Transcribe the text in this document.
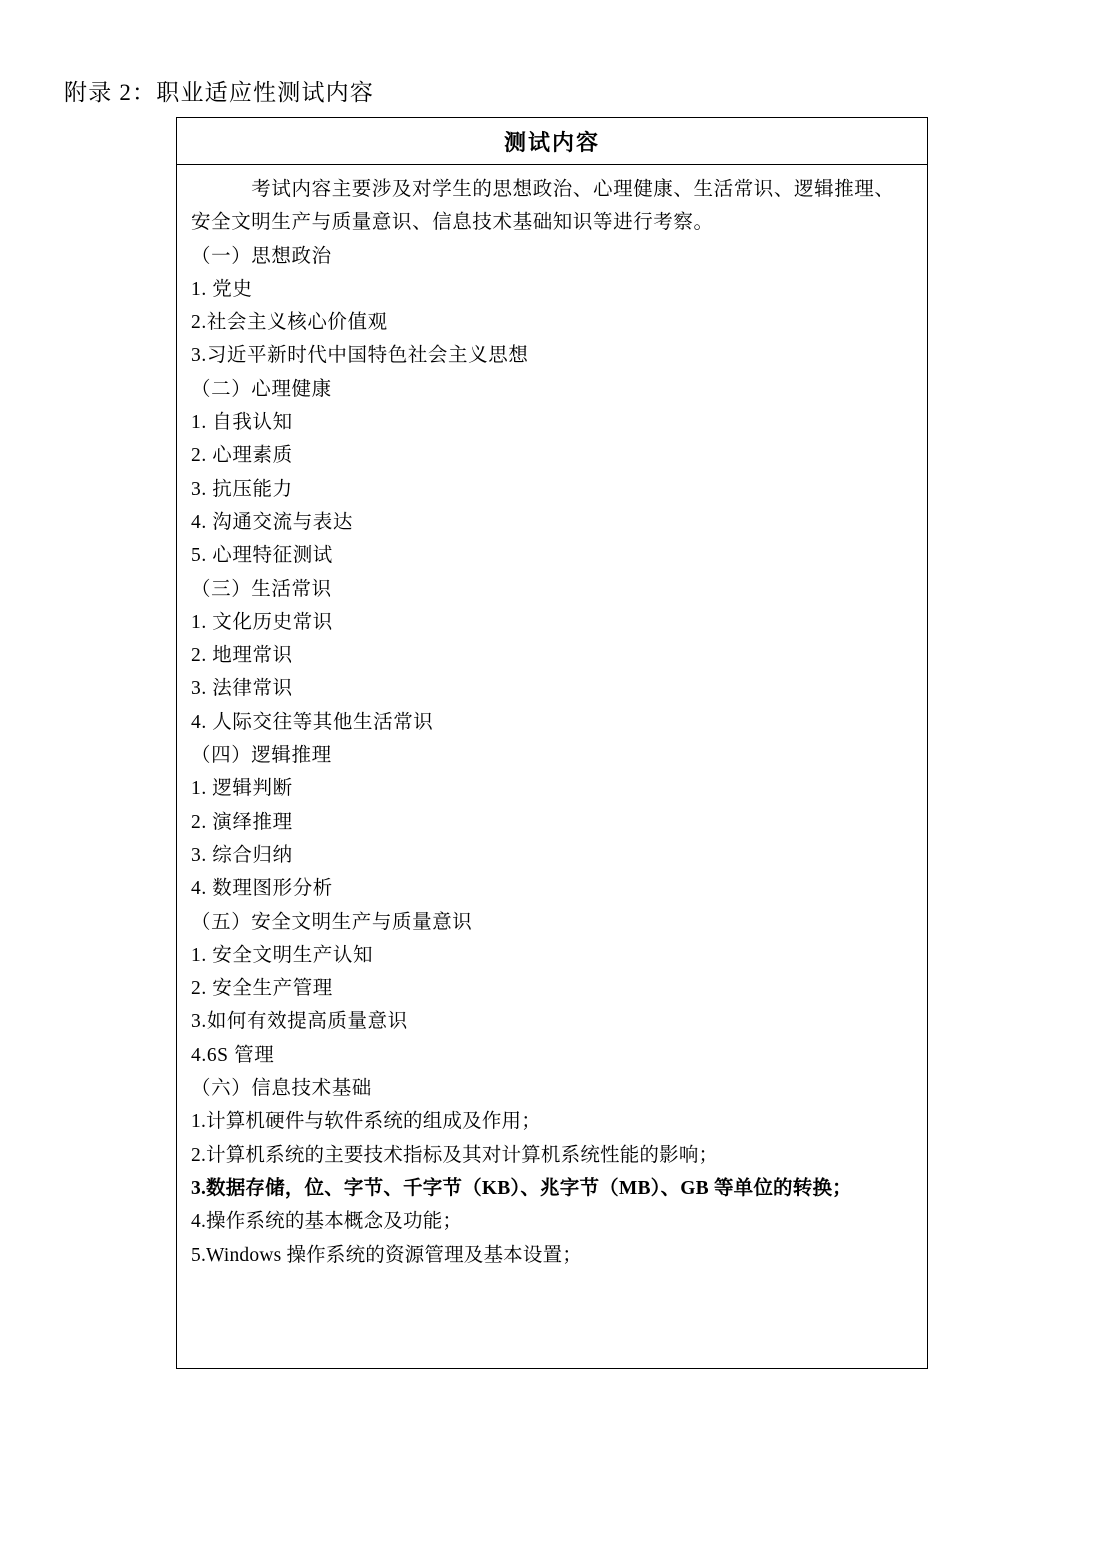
附录 2：职业适应性测试内容
测试内容
　　　考试内容主要涉及对学生的思想政治、心理健康、生活常识、逻辑推理、
安全文明生产与质量意识、信息技术基础知识等进行考察。
（一）思想政治
1. 党史
2.社会主义核心价值观
3.习近平新时代中国特色社会主义思想
（二）心理健康
1. 自我认知
2. 心理素质
3. 抗压能力
4. 沟通交流与表达
5. 心理特征测试
（三）生活常识
1. 文化历史常识
2. 地理常识
3. 法律常识
4. 人际交往等其他生活常识
（四）逻辑推理
1. 逻辑判断
2. 演绎推理
3. 综合归纳
4. 数理图形分析
（五）安全文明生产与质量意识
1. 安全文明生产认知
2. 安全生产管理
3.如何有效提高质量意识
4.6S 管理
（六）信息技术基础
1.计算机硬件与软件系统的组成及作用；
2.计算机系统的主要技术指标及其对计算机系统性能的影响；
3.数据存储，位、字节、千字节（KB）、兆字节（MB）、GB 等单位的转换；
4.操作系统的基本概念及功能；
5.Windows 操作系统的资源管理及基本设置；
